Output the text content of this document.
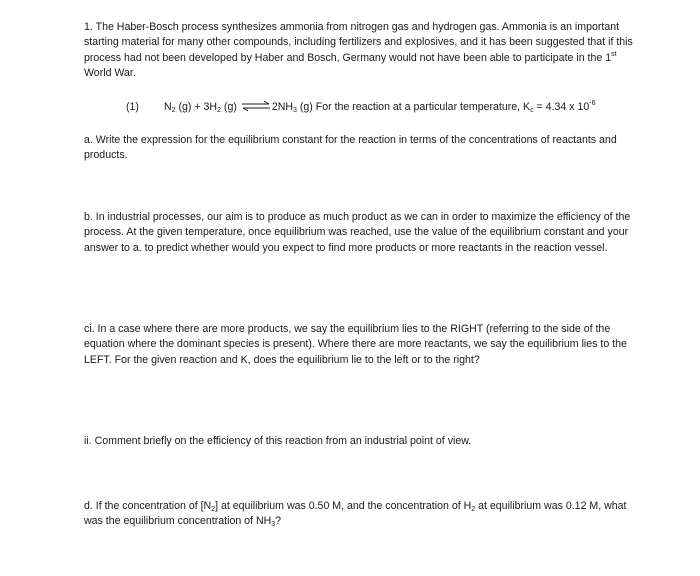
1. The Haber-Bosch process synthesizes ammonia from nitrogen gas and hydrogen gas. Ammonia is an important starting material for many other compounds, including fertilizers and explosives, and it has been suggested that if this process had not been developed by Haber and Bosch, Germany would not have been able to participate in the 1st World War.
(1) $N_2$ $(g) + 3H_2$ (g) $\rightleftharpoons 2NH_3$ (g) For the reaction at a particular temperature, $K_c = 4.34$ x $10^{-6}$
a. Write the expression for the equilibrium constant for the reaction in terms of the concentrations of reactants and products.
b. In industrial processes, our aim is to produce as much product as we can in order to maximize the efficiency of the process. At the given temperature, once equilibrium was reached, use the value of the equilibrium constant and your answer to a. to predict whether would you expect to find more products or more reactants in the reaction vessel.
ci. In a case where there are more products, we say the equilibrium lies to the RIGHT (referring to the side of the equation where the dominant species is present). Where there are more reactants, we say the equilibrium lies to the LEFT. For the given reaction and K, does the equilibrium lie to the left or to the right?
ii. Comment briefly on the efficiency of this reaction from an industrial point of view.
d. If the concentration of $[N_2]$ at equilibrium was 0.50 M, and the concentration of $H_2$ at equilibrium was 0.12 M, what was the equilibrium concentration of $NH_3$?
